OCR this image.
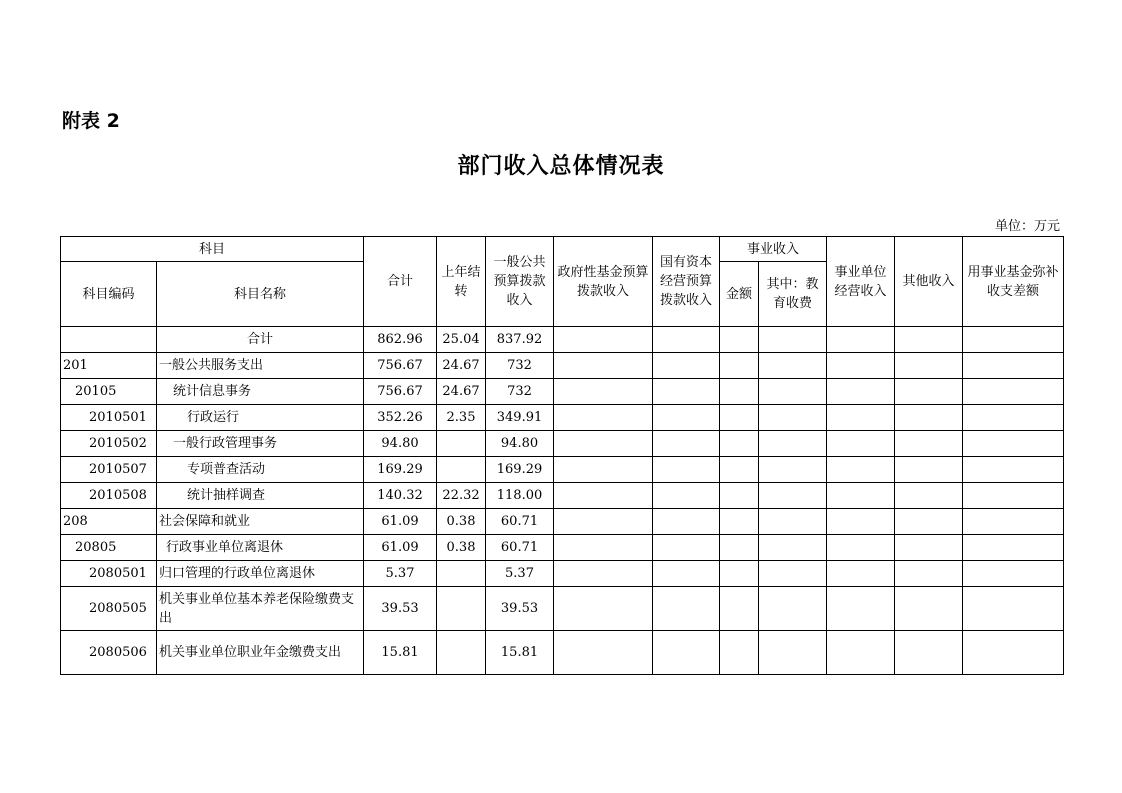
附表 2
部门收入总体情况表
单位：万元
科目		合计	上年结转	一般公共预算拨款收入	政府性基金预算拨款收入	国有资本经营预算拨款收入	事业收入		事业单位经营收入	其他收入	用事业基金弥补收支差额
科目编码	科目名称						金额	其中：教育收费			
	合计	862.96	25.04	837.92							
201	一般公共服务支出	756.67	24.67	732							
20105	统计信息事务	756.67	24.67	732							
2010501	行政运行	352.26	2.35	349.91							
2010502	一般行政管理事务	94.80		94.80							
2010507	专项普查活动	169.29		169.29							
2010508	统计抽样调查	140.32	22.32	118.00							
208	社会保障和就业	61.09	0.38	60.71							
20805	行政事业单位离退休	61.09	0.38	60.71							
2080501	归口管理的行政单位离退休	5.37		5.37							
2080505	机关事业单位基本养老保险缴费支出	39.53		39.53							
2080506	机关事业单位职业年金缴费支出	15.81		15.81							
